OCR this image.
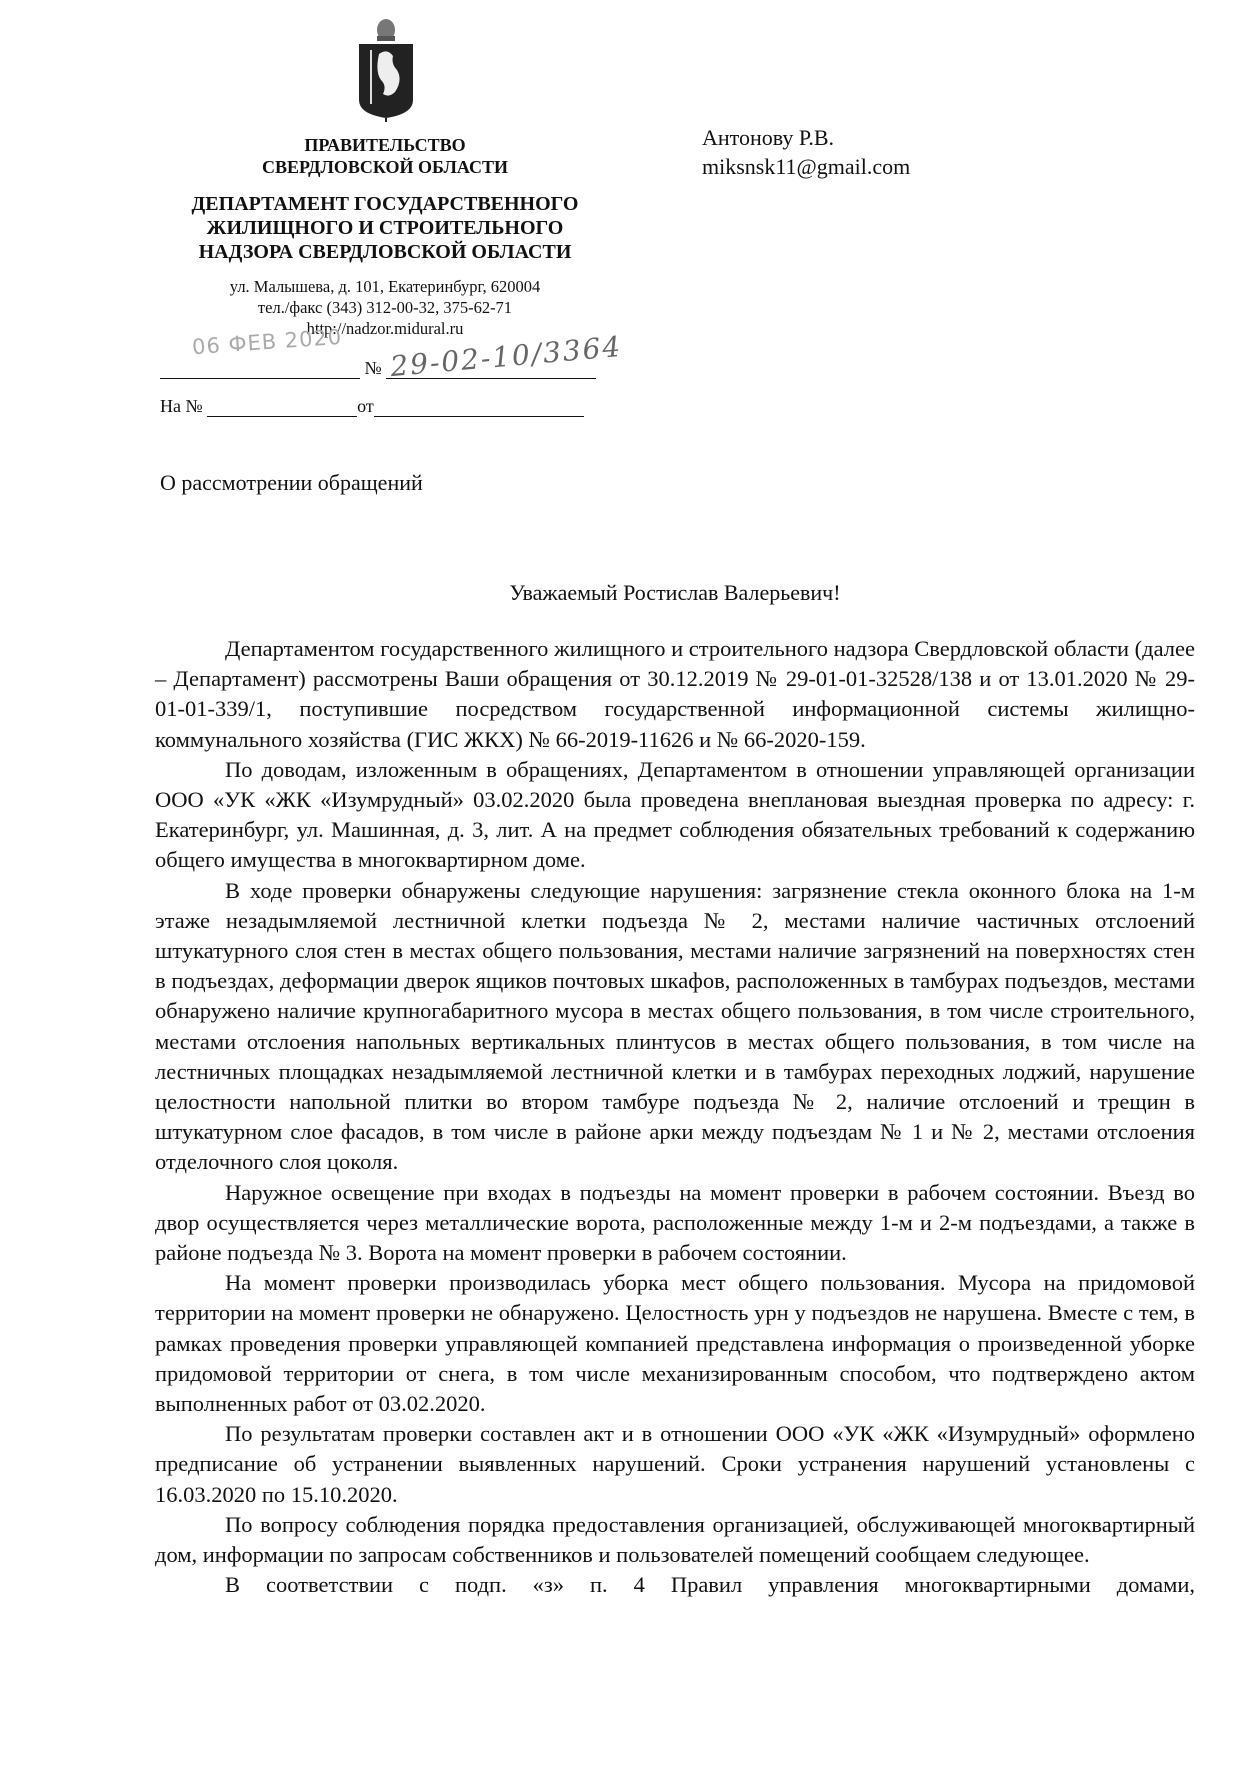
ПРАВИТЕЛЬСТВО
СВЕРДЛОВСКОЙ ОБЛАСТИ
ДЕПАРТАМЕНТ ГОСУДАРСТВЕННОГО
ЖИЛИЩНОГО И СТРОИТЕЛЬНОГО
НАДЗОРА СВЕРДЛОВСКОЙ ОБЛАСТИ
ул. Малышева, д. 101, Екатеринбург, 620004
тел./факс (343) 312-00-32, 375-62-71
http://nadzor.midural.ru
06 ФЕВ 2020
№ 29-02-10/3364
На №	от
Антонову Р.В.
miksnsk11@gmail.com
О рассмотрении обращений
Уважаемый Ростислав Валерьевич!

Департаментом государственного жилищного и строительного надзора Свердловской области (далее – Департамент) рассмотрены Ваши обращения от 30.12.2019 № 29-01-01-32528/138 и от 13.01.2020 № 29-01-01-339/1, поступившие посредством государственной информационной системы жилищно-коммунального хозяйства (ГИС ЖКХ) № 66-2019-11626 и № 66-2020-159.

По доводам, изложенным в обращениях, Департаментом в отношении управляющей организации ООО «УК «ЖК «Изумрудный» 03.02.2020 была проведена внеплановая выездная проверка по адресу: г. Екатеринбург, ул. Машинная, д. 3, лит. А на предмет соблюдения обязательных требований к содержанию общего имущества в многоквартирном доме.

В ходе проверки обнаружены следующие нарушения: загрязнение стекла оконного блока на 1-м этаже незадымляемой лестничной клетки подъезда № 2, местами наличие частичных отслоений штукатурного слоя стен в местах общего пользования, местами наличие загрязнений на поверхностях стен в подъездах, деформации дверок ящиков почтовых шкафов, расположенных в тамбурах подъездов, местами обнаружено наличие крупногабаритного мусора в местах общего пользования, в том числе строительного, местами отслоения напольных вертикальных плинтусов в местах общего пользования, в том числе на лестничных площадках незадымляемой лестничной клетки и в тамбурах переходных лоджий, нарушение целостности напольной плитки во втором тамбуре подъезда № 2, наличие отслоений и трещин в штукатурном слое фасадов, в том числе в районе арки между подъездам № 1 и № 2, местами отслоения отделочного слоя цоколя.

Наружное освещение при входах в подъезды на момент проверки в рабочем состоянии. Въезд во двор осуществляется через металлические ворота, расположенные между 1-м и 2-м подъездами, а также в районе подъезда № 3. Ворота на момент проверки в рабочем состоянии.

На момент проверки производилась уборка мест общего пользования. Мусора на придомовой территории на момент проверки не обнаружено. Целостность урн у подъездов не нарушена. Вместе с тем, в рамках проведения проверки управляющей компанией представлена информация о произведенной уборке придомовой территории от снега, в том числе механизированным способом, что подтверждено актом выполненных работ от 03.02.2020.

По результатам проверки составлен акт и в отношении ООО «УК «ЖК «Изумрудный» оформлено предписание об устранении выявленных нарушений. Сроки устранения нарушений установлены с 16.03.2020 по 15.10.2020.

По вопросу соблюдения порядка предоставления организацией, обслуживающей многоквартирный дом, информации по запросам собственников и пользователей помещений сообщаем следующее.

В соответствии с подп. «з» п. 4 Правил управления многоквартирными домами,
